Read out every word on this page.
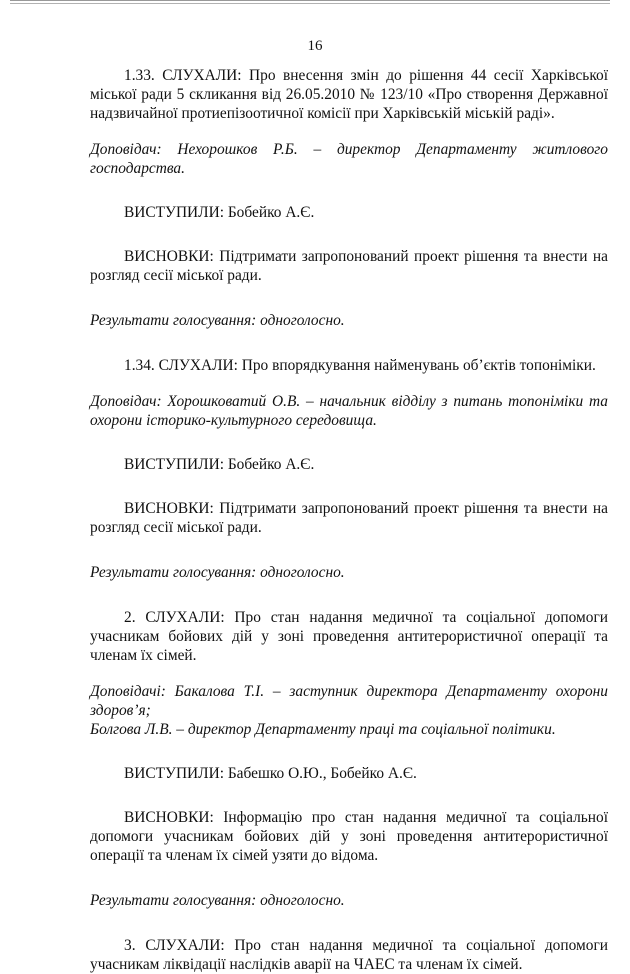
16

1.33. СЛУХАЛИ: Про внесення змін до рішення 44 сесії Харківської міської ради 5 скликання від 26.05.2010 № 123/10 «Про створення Державної надзвичайної протиепізоотичної комісії при Харківській міській раді».

Доповідач: Нехорошков Р.Б. – директор Департаменту житлового господарства.

ВИСТУПИЛИ: Бобейко А.Є.

ВИСНОВКИ: Підтримати запропонований проект рішення та внести на розгляд сесії міської ради.

Результати голосування: одноголосно.

1.34. СЛУХАЛИ: Про впорядкування найменувань об’єктів топоніміки.

Доповідач: Хорошковатий О.В. – начальник відділу з питань топоніміки та охорони історико-культурного середовища.

ВИСТУПИЛИ: Бобейко А.Є.

ВИСНОВКИ: Підтримати запропонований проект рішення та внести на розгляд сесії міської ради.

Результати голосування: одноголосно.

2. СЛУХАЛИ: Про стан надання медичної та соціальної допомоги учасникам бойових дій у зоні проведення антитерористичної операції та членам їх сімей.

Доповідачі: Бакалова Т.І. – заступник директора Департаменту охорони здоров’я;

Болгова Л.В. – директор Департаменту праці та соціальної політики.

ВИСТУПИЛИ: Бабешко О.Ю., Бобейко А.Є.

ВИСНОВКИ: Інформацію про стан надання медичної та соціальної допомоги учасникам бойових дій у зоні проведення антитерористичної операції та членам їх сімей узяти до відома.

Результати голосування: одноголосно.

3. СЛУХАЛИ: Про стан надання медичної та соціальної допомоги учасникам ліквідації наслідків аварії на ЧАЕС та членам їх сімей.
